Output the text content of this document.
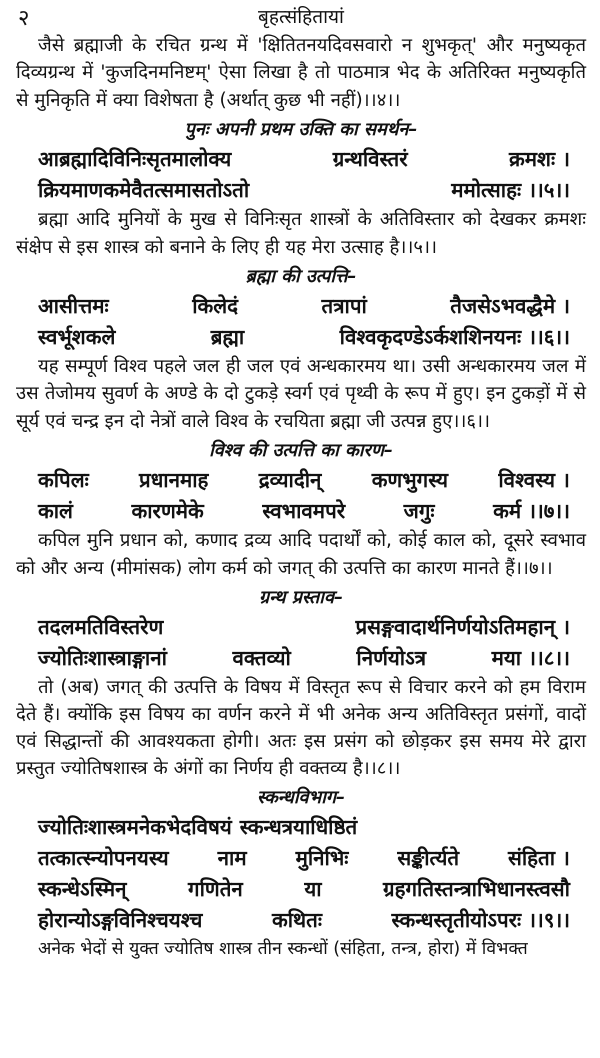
२	बृहत्संहितायां

जैसे ब्रह्माजी के रचित ग्रन्थ में 'क्षितितनयदिवसवारो न शुभकृत्' और मनुष्यकृत दिव्यग्रन्थ में 'कुजदिनमनिष्टम्' ऐसा लिखा है तो पाठमात्र भेद के अतिरिक्त मनुष्यकृति से मुनिकृति में क्या विशेषता है (अर्थात् कुछ भी नहीं)।।४।।

पुनः अपनी प्रथम उक्ति का समर्थन–
आब्रह्मादिविनिःसृतमालोक्य	ग्रन्थविस्तरं	क्रमशः ।
क्रियमाणकमेवैतत्समासतोऽतो	ममोत्साहः ।।५।।

ब्रह्मा आदि मुनियों के मुख से विनिःसृत शास्त्रों के अतिविस्तार को देखकर क्रमशः संक्षेप से इस शास्त्र को बनाने के लिए ही यह मेरा उत्साह है।।५।।

ब्रह्मा की उत्पत्ति–
आसीत्तमः	किलेदं	तत्रापां	तैजसेऽभवद्धैमे ।
स्वर्भूशकले	ब्रह्मा	विश्वकृदण्डेऽर्कशशिनयनः ।।६।।

यह सम्पूर्ण विश्व पहले जल ही जल एवं अन्धकारमय था। उसी अन्धकारमय जल में उस तेजोमय सुवर्ण के अण्डे के दो टुकड़े स्वर्ग एवं पृथ्वी के रूप में हुए। इन टुकड़ों में से सूर्य एवं चन्द्र इन दो नेत्रों वाले विश्व के रचयिता ब्रह्मा जी उत्पन्न हुए।।६।।

विश्व की उत्पत्ति का कारण–
कपिलः प्रधानमाह द्रव्यादीन् कणभुगस्य विश्वस्य ।
कालं	कारणमेके	स्वभावमपरे	जगुः	कर्म ।।७।।

कपिल मुनि प्रधान को, कणाद द्रव्य आदि पदार्थों को, कोई काल को, दूसरे स्वभाव को और अन्य (मीमांसक) लोग कर्म को जगत् की उत्पत्ति का कारण मानते हैं।।७।।

ग्रन्थ प्रस्ताव–
तदलमतिविस्तरेण	प्रसङ्गवादार्थनिर्णयोऽतिमहान् ।
ज्योतिःशास्त्राङ्गानां	वक्तव्यो	निर्णयोऽत्र	मया ।।८।।

तो (अब) जगत् की उत्पत्ति के विषय में विस्तृत रूप से विचार करने को हम विराम देते हैं। क्योंकि इस विषय का वर्णन करने में भी अनेक अन्य अतिविस्तृत प्रसंगों, वादों एवं सिद्धान्तों की आवश्यकता होगी। अतः इस प्रसंग को छोड़कर इस समय मेरे द्वारा प्रस्तुत ज्योतिषशास्त्र के अंगों का निर्णय ही वक्तव्य है।।८।।

स्कन्धविभाग–
ज्योतिःशास्त्रमनेकभेदविषयं स्कन्धत्रयाधिष्ठितं
तत्कात्स्न्योपनयस्य नाम मुनिभिः सङ्कीर्त्यते संहिता ।
स्कन्धेऽस्मिन्	गणितेन	या	ग्रहगतिस्तन्त्राभिधानस्त्वसौ
होरान्योऽङ्गविनिश्चयश्च	कथितः	स्कन्धस्तृतीयोऽपरः ।।९।।

अनेक भेदों से युक्त ज्योतिष शास्त्र तीन स्कन्धों (संहिता, तन्त्र, होरा) में विभक्त
